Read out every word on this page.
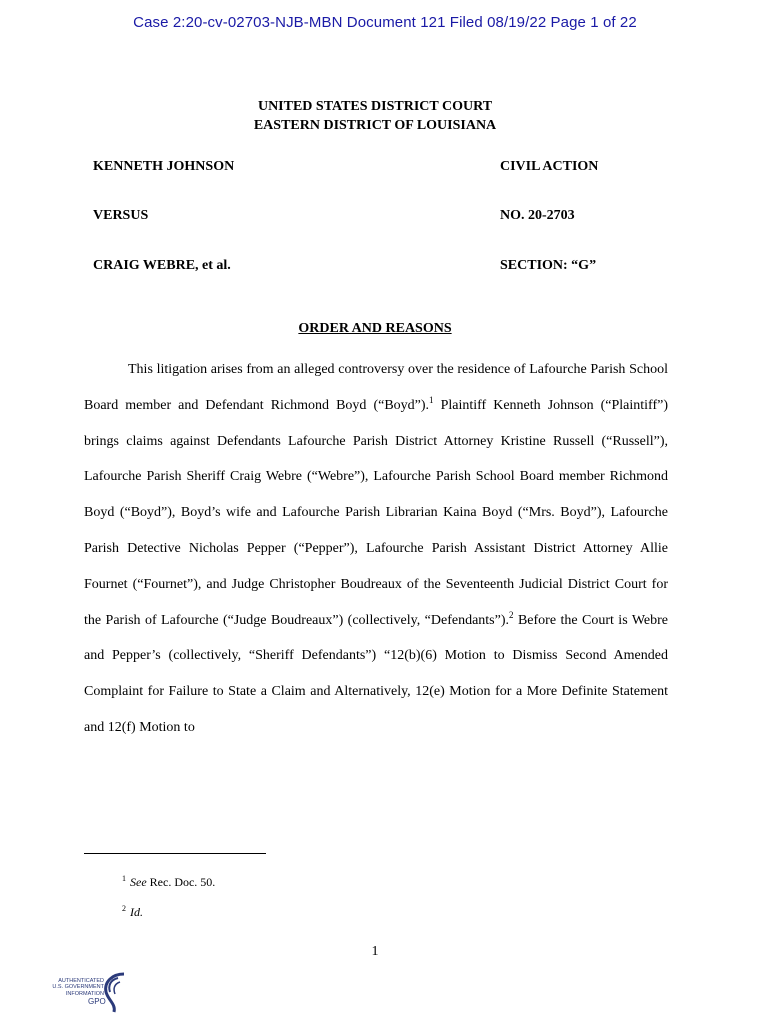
Case 2:20-cv-02703-NJB-MBN Document 121 Filed 08/19/22 Page 1 of 22
UNITED STATES DISTRICT COURT
EASTERN DISTRICT OF LOUISIANA
KENNETH JOHNSON	CIVIL ACTION
VERSUS	NO. 20-2703
CRAIG WEBRE, et al.	SECTION: “G”
ORDER AND REASONS

This litigation arises from an alleged controversy over the residence of Lafourche Parish School Board member and Defendant Richmond Boyd (“Boyd”).$^1$ Plaintiff Kenneth Johnson (“Plaintiff”) brings claims against Defendants Lafourche Parish District Attorney Kristine Russell (“Russell”), Lafourche Parish Sheriff Craig Webre (“Webre”), Lafourche Parish School Board member Richmond Boyd (“Boyd”), Boyd’s wife and Lafourche Parish Librarian Kaina Boyd (“Mrs. Boyd”), Lafourche Parish Detective Nicholas Pepper (“Pepper”), Lafourche Parish Assistant District Attorney Allie Fournet (“Fournet”), and Judge Christopher Boudreaux of the Seventeenth Judicial District Court for the Parish of Lafourche (“Judge Boudreaux”) (collectively, “Defendants”).$^2$ Before the Court is Webre and Pepper’s (collectively, “Sheriff Defendants”) “12(b)(6) Motion to Dismiss Second Amended Complaint for Failure to State a Claim and Alternatively, 12(e) Motion for a More Definite Statement and 12(f) Motion to

$^1$ See Rec. Doc. 50.
$^2$ Id.
1
AUTHENTICATED
U.S. GOVERNMENT
INFORMATION
GPO
